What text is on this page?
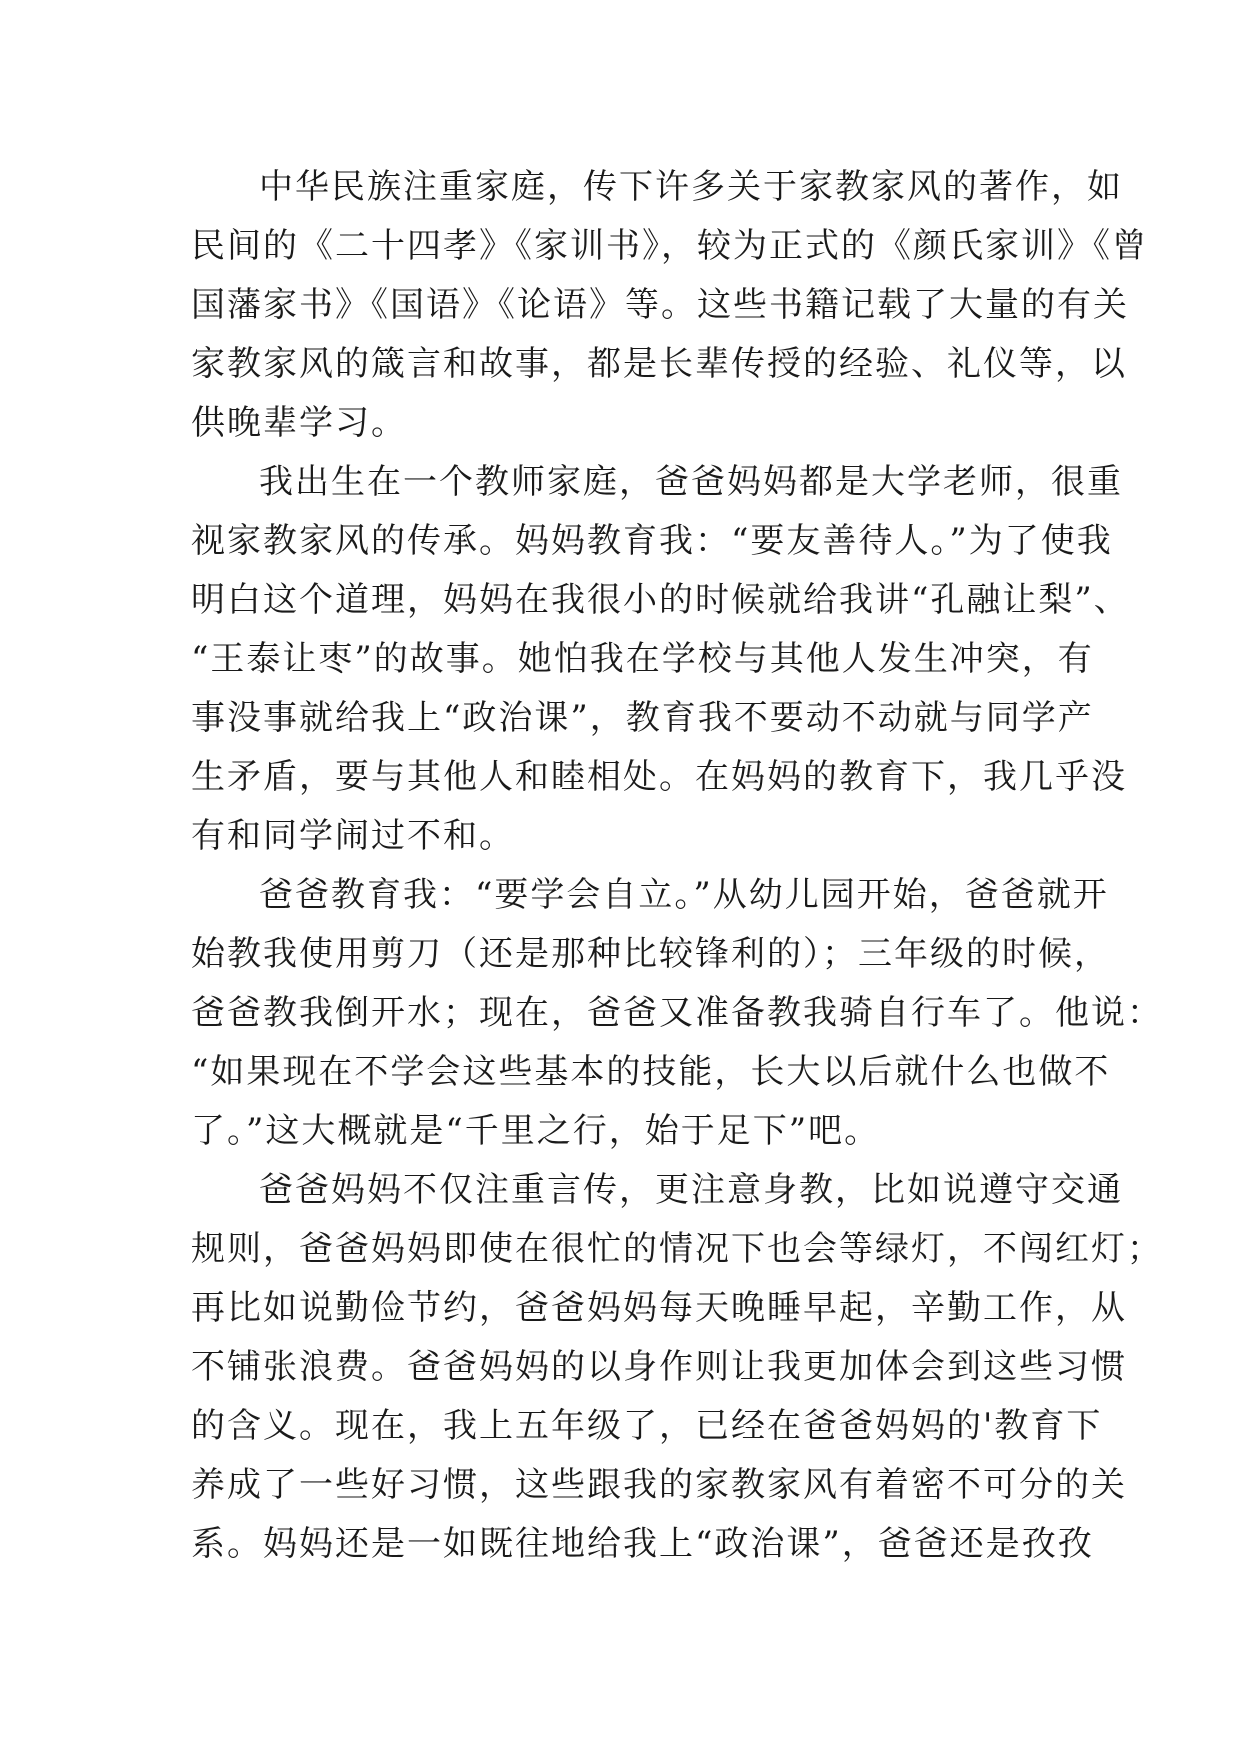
中华民族注重家庭，传下许多关于家教家风的著作，如
民间的《二十四孝》《家训书》，较为正式的《颜氏家训》《曾
国藩家书》《国语》《论语》等。这些书籍记载了大量的有关
家教家风的箴言和故事，都是长辈传授的经验、礼仪等，以
供晚辈学习。
我出生在一个教师家庭，爸爸妈妈都是大学老师，很重
视家教家风的传承。妈妈教育我：“要友善待人。”为了使我
明白这个道理，妈妈在我很小的时候就给我讲“孔融让梨”、
“王泰让枣”的故事。她怕我在学校与其他人发生冲突，有
事没事就给我上“政治课”，教育我不要动不动就与同学产
生矛盾，要与其他人和睦相处。在妈妈的教育下，我几乎没
有和同学闹过不和。
爸爸教育我：“要学会自立。”从幼儿园开始，爸爸就开
始教我使用剪刀（还是那种比较锋利的）；三年级的时候，
爸爸教我倒开水；现在，爸爸又准备教我骑自行车了。他说：
“如果现在不学会这些基本的技能，长大以后就什么也做不
了。”这大概就是“千里之行，始于足下”吧。
爸爸妈妈不仅注重言传，更注意身教，比如说遵守交通
规则，爸爸妈妈即使在很忙的情况下也会等绿灯，不闯红灯；
再比如说勤俭节约，爸爸妈妈每天晚睡早起，辛勤工作，从
不铺张浪费。爸爸妈妈的以身作则让我更加体会到这些习惯
的含义。现在，我上五年级了，已经在爸爸妈妈的'教育下
养成了一些好习惯，这些跟我的家教家风有着密不可分的关
系。妈妈还是一如既往地给我上“政治课”，爸爸还是孜孜
